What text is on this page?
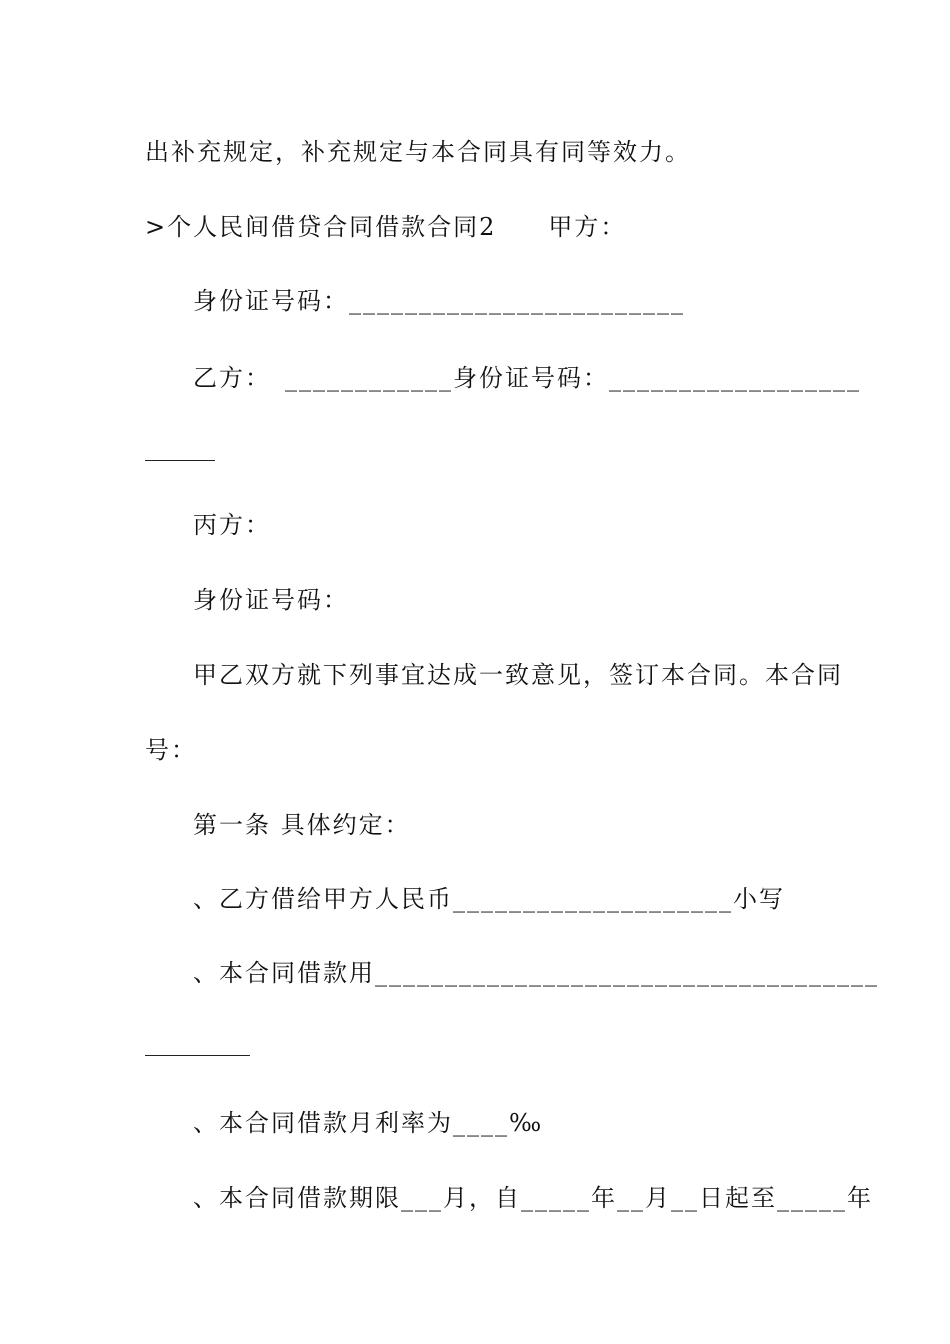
出补充规定，补充规定与本合同具有同等效力。
>个人民间借贷合同借款合同2　　甲方：
身份证号码：________________________
乙方：　____________身份证号码：__________________
丙方：
身份证号码：
甲乙双方就下列事宜达成一致意见，签订本合同。本合同
号：
第一条 具体约定：
、乙方借给甲方人民币____________________小写
、本合同借款用____________________________________
、本合同借款月利率为____‰
、本合同借款期限___月，自_____年__月__日起至_____年
